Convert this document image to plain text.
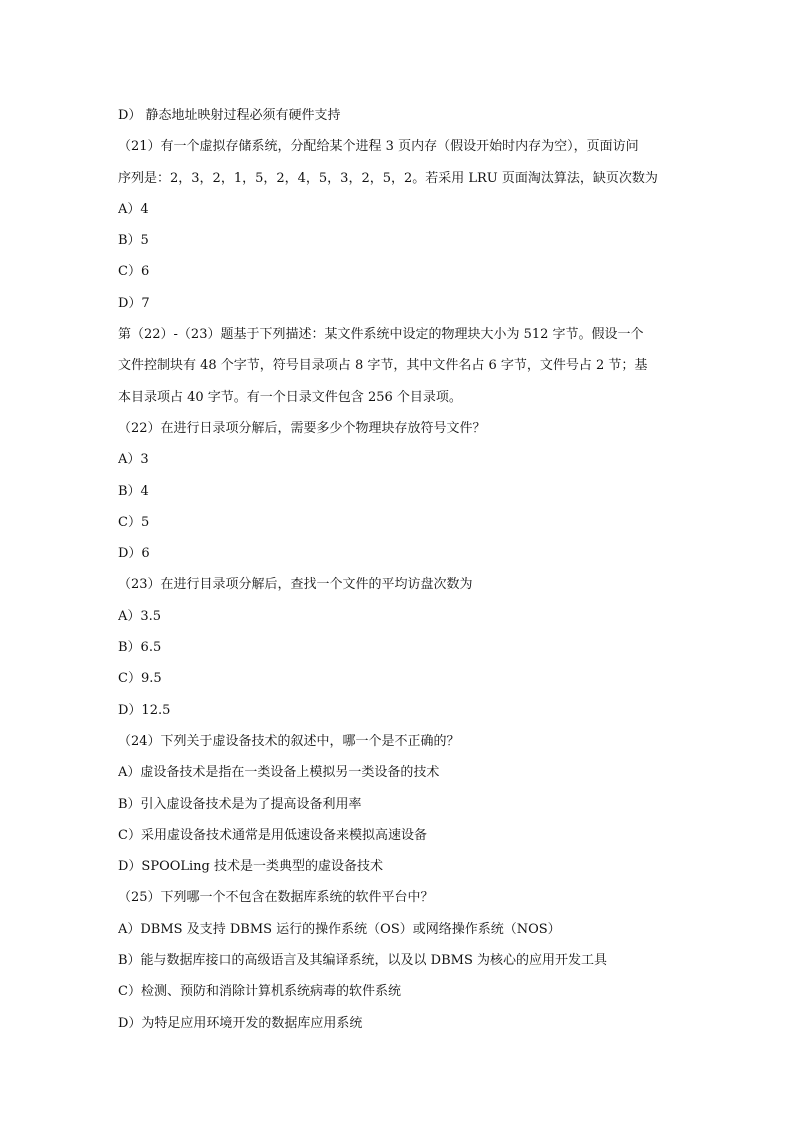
D） 静态地址映射过程必须有硬件支持
（21）有一个虚拟存储系统，分配给某个进程 3 页内存（假设开始时内存为空），页面访问
序列是：2，3，2，1，5，2，4，5，3，2，5，2。若采用 LRU 页面淘汰算法，缺页次数为
A）4
B）5
C）6
D）7
第（22）-（23）题基于下列描述：某文件系统中设定的物理块大小为 512 字节。假设一个
文件控制块有 48 个字节，符号目录项占 8 字节，其中文件名占 6 字节，文件号占 2 节；基
本目录项占 40 字节。有一个日录文件包含 256 个目录项。
（22）在进行日录项分解后，需要多少个物理块存放符号文件？
A）3
B）4
C）5
D）6
（23）在进行目录项分解后，查找一个文件的平均访盘次数为
A）3.5
B）6.5
C）9.5
D）12.5
（24）下列关于虚设备技术的叙述中，哪一个是不正确的？
A）虚设备技术是指在一类设备上模拟另一类设备的技术
B）引入虚设备技术是为了提高设备利用率
C）采用虚设备技术通常是用低速设备来模拟高速设备
D）SPOOLing 技术是一类典型的虚设备技术
（25）下列哪一个不包含在数据库系统的软件平台中？
A）DBMS 及支持 DBMS 运行的操作系统（OS）或网络操作系统（NOS）
B）能与数据库接口的高级语言及其编译系统，以及以 DBMS 为核心的应用开发工具
C）检测、预防和消除计算机系统病毒的软件系统
D）为特足应用环境开发的数据库应用系统
